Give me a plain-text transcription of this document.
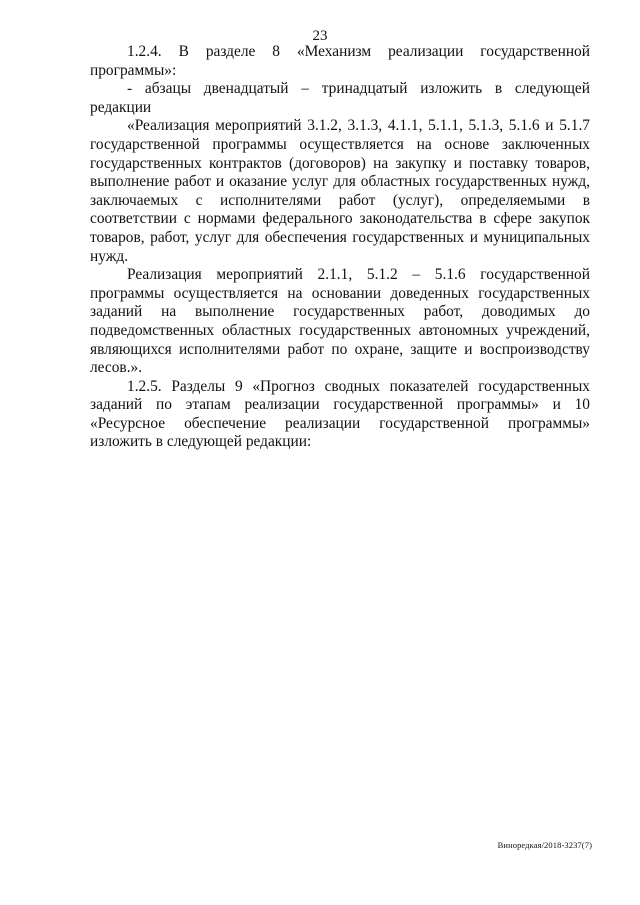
23

1.2.4. В разделе 8 «Механизм реализации государственной программы»:

- абзацы двенадцатый – тринадцатый изложить в следующей редакции

«Реализация мероприятий 3.1.2, 3.1.3, 4.1.1, 5.1.1, 5.1.3, 5.1.6 и 5.1.7 государственной программы осуществляется на основе заключенных государственных контрактов (договоров) на закупку и поставку товаров, выполнение работ и оказание услуг для областных государственных нужд, заключаемых с исполнителями работ (услуг), определяемыми в соответствии с нормами федерального законодательства в сфере закупок товаров, работ, услуг для обеспечения государственных и муниципальных нужд.

Реализация мероприятий 2.1.1, 5.1.2 – 5.1.6 государственной программы осуществляется на основании доведенных государственных заданий на выполнение государственных работ, доводимых до подведомственных областных государственных автономных учреждений, являющихся исполнителями работ по охране, защите и воспроизводству лесов.».

1.2.5. Разделы 9 «Прогноз сводных показателей государственных заданий по этапам реализации государственной программы» и 10 «Ресурсное обеспечение реализации государственной программы» изложить в следующей редакции:

Виноредкая/2018-3237(7)
